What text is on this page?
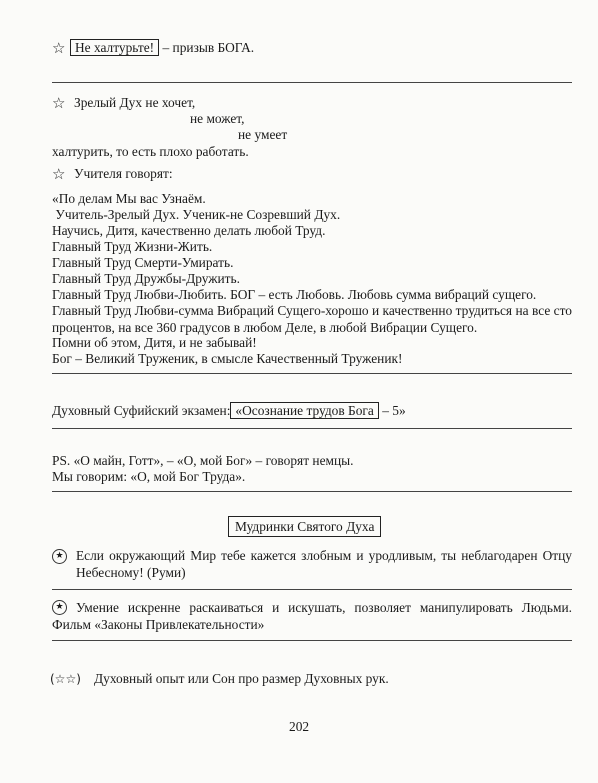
☆ Не халтурьте! – призыв БОГА.
☆ Зрелый Дух не хочет,
не может,
не умеет
халтурить, то есть плохо работать.
☆ Учителя говорят:
«По делам Мы вас Узнаём.
Учитель-Зрелый Дух. Ученик-не Созревший Дух.
Научись, Дитя, качественно делать любой Труд.
Главный Труд Жизни-Жить.
Главный Труд Смерти-Умирать.
Главный Труд Дружбы-Дружить.
Главный Труд Любви-Любить. БОГ – есть Любовь. Любовь сумма вибраций сущего.
Главный Труд Любви-сумма Вибраций Сущего-хорошо и качественно трудиться на все сто процентов, на все 360 градусов в любом Деле, в любой Вибрации Сущего.
Помни об этом, Дитя, и не забывай!
Бог – Великий Труженик, в смысле Качественный Труженик!
Духовный Суфийский экзамен: «Осознание трудов Бога – 5»
PS. «О майн, Готт», – «О, мой Бог» – говорят немцы.
Мы говорим: «О, мой Бог Труда».
Мудринки Святого Духа
★ Если окружающий Мир тебе кажется злобным и уродливым, ты неблагодарен Отцу Небесному! (Руми)
★ Умение искренне раскаиваться и искушать, позволяет манипулировать Людьми. Фильм «Законы Привлекательности»
(☆☆) Духовный опыт или Сон про размер Духовных рук.
202
